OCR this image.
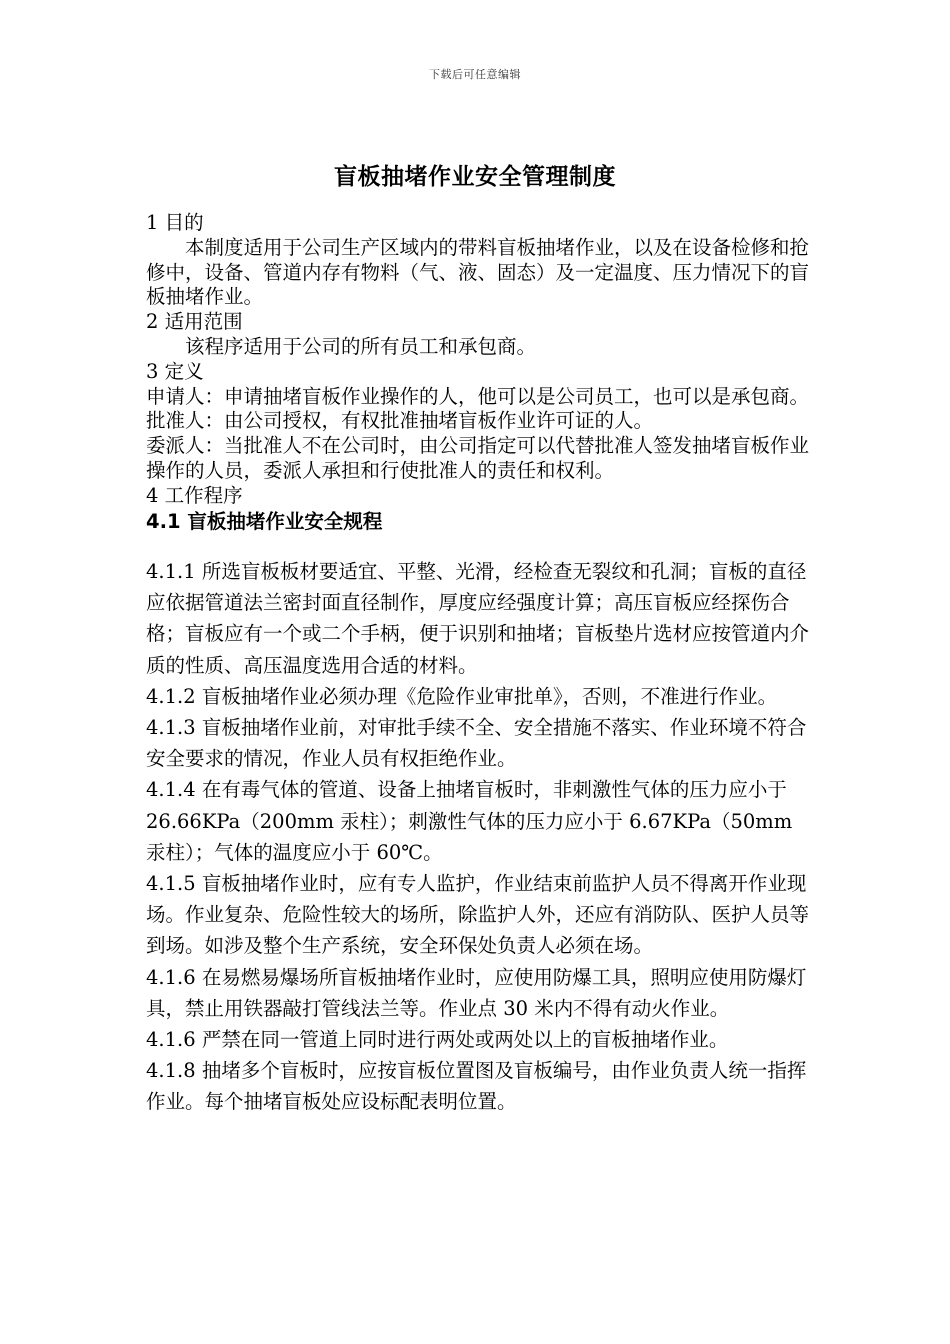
下载后可任意编辑
盲板抽堵作业安全管理制度

1 目的

本制度适用于公司生产区域内的带料盲板抽堵作业，以及在设备检修和抢修中，设备、管道内存有物料（气、液、固态）及一定温度、压力情况下的盲板抽堵作业。

2 适用范围

该程序适用于公司的所有员工和承包商。

3 定义

申请人：申请抽堵盲板作业操作的人，他可以是公司员工，也可以是承包商。

批准人：由公司授权，有权批准抽堵盲板作业许可证的人。

委派人：当批准人不在公司时，由公司指定可以代替批准人签发抽堵盲板作业操作的人员，委派人承担和行使批准人的责任和权利。

4 工作程序

4.1 盲板抽堵作业安全规程

4.1.1 所选盲板板材要适宜、平整、光滑，经检查无裂纹和孔洞；盲板的直径应依据管道法兰密封面直径制作，厚度应经强度计算；高压盲板应经探伤合格；盲板应有一个或二个手柄，便于识别和抽堵；盲板垫片选材应按管道内介质的性质、高压温度选用合适的材料。

4.1.2 盲板抽堵作业必须办理《危险作业审批单》，否则，不准进行作业。

4.1.3 盲板抽堵作业前，对审批手续不全、安全措施不落实、作业环境不符合安全要求的情况，作业人员有权拒绝作业。

4.1.4 在有毒气体的管道、设备上抽堵盲板时，非刺激性气体的压力应小于 26.66KPa（200mm 汞柱）；刺激性气体的压力应小于 6.67KPa（50mm 汞柱）；气体的温度应小于 60℃。

4.1.5 盲板抽堵作业时，应有专人监护，作业结束前监护人员不得离开作业现场。作业复杂、危险性较大的场所，除监护人外，还应有消防队、医护人员等到场。如涉及整个生产系统，安全环保处负责人必须在场。

4.1.6 在易燃易爆场所盲板抽堵作业时，应使用防爆工具，照明应使用防爆灯具，禁止用铁器敲打管线法兰等。作业点 30 米内不得有动火作业。

4.1.6 严禁在同一管道上同时进行两处或两处以上的盲板抽堵作业。

4.1.8 抽堵多个盲板时，应按盲板位置图及盲板编号，由作业负责人统一指挥作业。每个抽堵盲板处应设标配表明位置。
